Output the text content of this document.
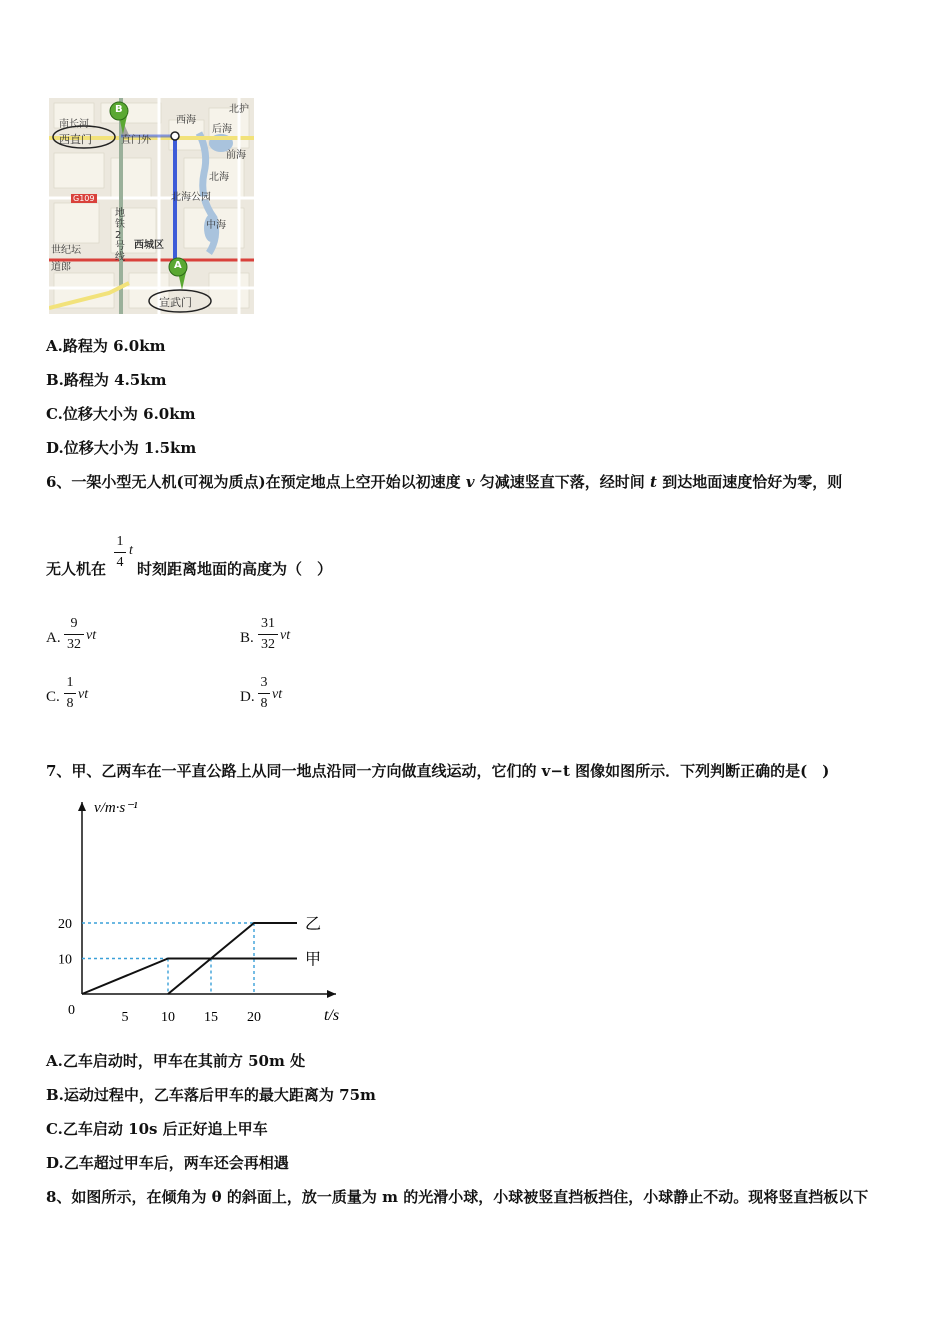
南长河	西海
后海
前海
北海
北海公园
中海
西城区
西直门	直门外
宣武门
地铁2号线
G109
北护
世纪坛
道郎
B
A
A.路程为 6.0km
B.路程为 4.5km
C.位移大小为 6.0km
D.位移大小为 1.5km
6、一架小型无人机(可视为质点)在预定地点上空开始以初速度 v 匀减速竖直下落，经时间 t 到达地面速度恰好为零，则
无人机在
1
4
t
时刻距离地面的高度为（　）
A.
9
32
vt	B.
31
32
vt
C.
1
8
vt	D.
3
8
vt
7、甲、乙两车在一平直公路上从同一地点沿同一方向做直线运动，它们的 v−t 图像如图所示．下列判断正确的是(　)
v/m·s⁻¹
t/s
0	5 10 15 20
10
20
甲
乙
A.乙车启动时，甲车在其前方 50m 处
B.运动过程中，乙车落后甲车的最大距离为 75m
C.乙车启动 10s 后正好追上甲车
D.乙车超过甲车后，两车还会再相遇
8、如图所示，在倾角为 θ 的斜面上，放一质量为 m 的光滑小球，小球被竖直挡板挡住，小球静止不动。现将竖直挡板以下
